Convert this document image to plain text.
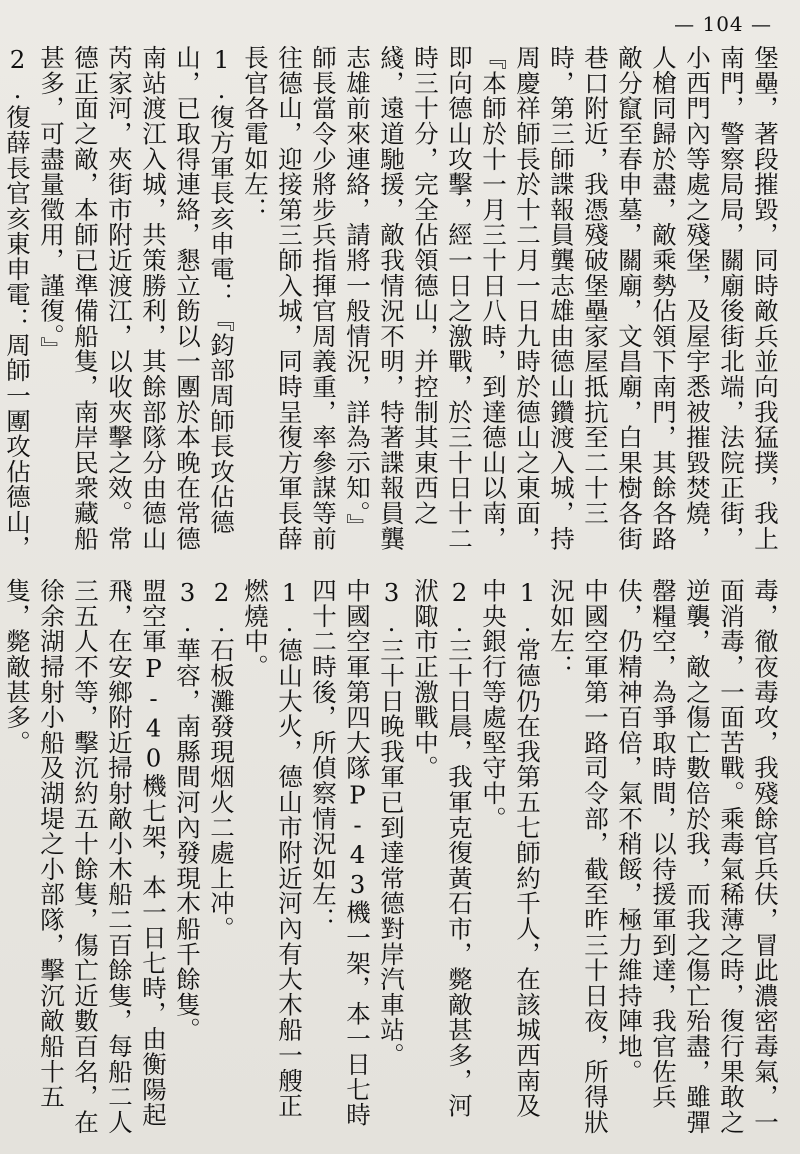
— 104 —

堡壘，著段摧毀，同時敵兵並向我猛撲，我上南門，警察局局，關廟後街北端，法院正街，小西門內等處之殘堡，及屋宇悉被摧毀焚燒，人槍同歸於盡，敵乘勢佔領下南門，其餘各路敵分竄至春申墓，關廟，文昌廟，白果樹各街巷口附近，我憑殘破堡壘家屋抵抗至二十三時，第三師諜報員龔志雄由德山鑽渡入城，持周慶祥師長於十二月一日九時於德山之東面，『本師於十一月三十日八時，到達德山以南，即向德山攻擊，經一日之激戰，於三十日十二時三十分，完全佔領德山，并控制其東西之綫，遠道馳援，敵我情況不明，特著諜報員龔志雄前來連絡，請將一般情況，詳為示知。』

師長當令少將步兵指揮官周義重，率參謀等前往德山，迎接第三師入城，同時呈復方軍長薛長官各電如左：

1.復方軍長亥申電：『鈞部周師長攻佔德山，已取得連絡，懇立飭以一團於本晚在常德南站渡江入城，共策勝利，其餘部隊分由德山芮家河，夾街市附近渡江，以收夾擊之效。常德正面之敵，本師已準備船隻，南岸民衆藏船甚多，可盡量徵用，謹復。』

2.復薛長官亥東申電：周師一團攻佔德山，

毒，徹夜毒攻，我殘餘官兵伕，冒此濃密毒氣，一面消毒，一面苦戰。乘毒氣稀薄之時，復行果敢之逆襲，敵之傷亡數倍於我，而我之傷亡殆盡，雖彈罄糧空，為爭取時間，以待援軍到達，我官佐兵伕，仍精神百倍，氣不稍餒，極力維持陣地。

中國空軍第一路司令部，截至昨三十日夜，所得狀況如左：

1.常德仍在我第五七師約千人，在該城西南及中央銀行等處堅守中。

2.三十日晨，我軍克復黃石市，斃敵甚多，河洑陬市正激戰中。

3.三十日晚我軍已到達常德對岸汽車站。

中國空軍第四大隊P-43機一架，本一日七時四十二時後，所偵察情況如左：

1.德山大火，德山市附近河內有大木船一艘正燃燒中。

2.石板灘發現烟火二處上冲。

3.華容，南縣間河內發現木船千餘隻。

盟空軍P-40機七架，本一日七時，由衡陽起飛，在安鄉附近掃射敵小木船二百餘隻，每船二人三五人不等，擊沉約五十餘隻，傷亡近數百名，在徐余湖掃射小船及湖堤之小部隊，擊沉敵船十五隻，斃敵甚多。
